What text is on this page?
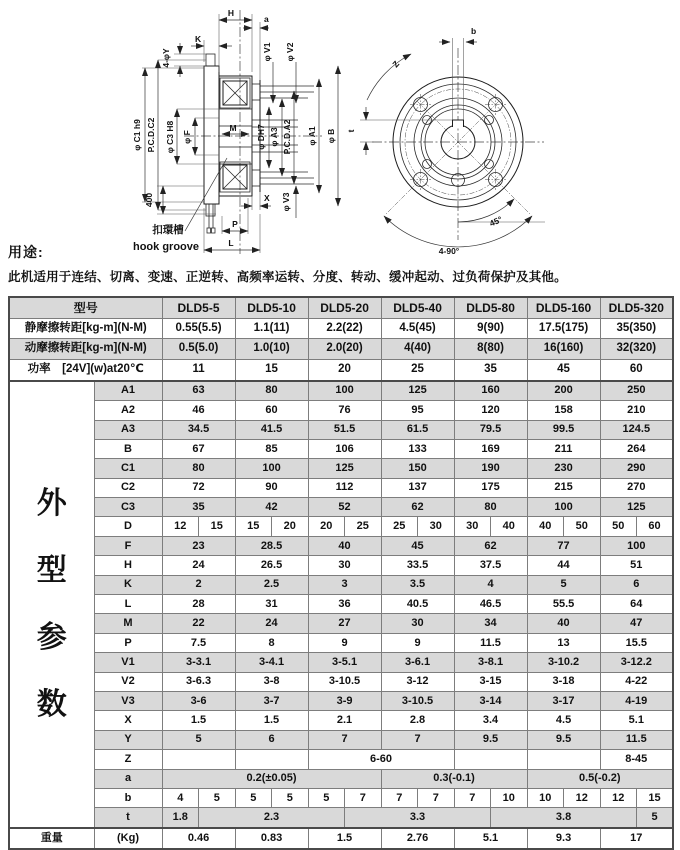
H
a
K
4-φY
φ C1 h9 P.C.D.C2 φ C3 H8 φ F
M
φ V1 φ V2
φ DH7 φ A3 P.C.D.A2 φ A1 φ B
φ V3
400	X
P
L
扣環槽
hook groove
b
Z
t
45°
4-90°
用途:
此机适用于连结、切离、变速、正逆转、高频率运转、分度、转动、缓冲起动、过负荷保护及其他。
型号		DLD5-5		DLD5-10		DLD5-20		DLD5-40		DLD5-80		DLD5-160		DLD5-320	
静摩擦转距[kg-m](N-M)		0.55(5.5)		1.1(11)		2.2(22)		4.5(45)		9(90)		17.5(175)		35(350)	
动摩擦转距[kg-m](N-M)		0.5(5.0)		1.0(10)		2.0(20)		4(40)		8(80)		16(160)		32(320)	
功率　[24V](w)at20℃		11		15		20		25		35		45		60	

外
型
参
数	A1	63		80		100		125		160		200		250	
	A2	46		60		76		95		120		158		210	
	A3	34.5		41.5		51.5		61.5		79.5		99.5		124.5	
	B	67		85		106		133		169		211		264	
	C1	80		100		125		150		190		230		290	
	C2	72		90		112		137		175		215		270	
	C3	35		42		52		62		80		100		125	
	D	12	15	15	20	20	25	25	30	30	40	40	50	50	60
	F	23		28.5		40		45		62		77		100	
	H	24		26.5		30		33.5		37.5		44		51	
	K	2		2.5		3		3.5		4		5		6	
	L	28		31		36		40.5		46.5		55.5		64	
	M	22		24		27		30		34		40		47	
	P	7.5		8		9		9		11.5		13		15.5	
	V1	3-3.1		3-4.1		3-5.1		3-6.1		3-8.1		3-10.2		3-12.2	
	V2	3-6.3		3-8		3-10.5		3-12		3-15		3-18		4-22	
	V3	3-6		3-7		3-9		3-10.5		3-14		3-17		4-19	
	X	1.5		1.5		2.1		2.8		3.4		4.5		5.1	
	Y	5		6		7		7		9.5		9.5		11.5	
	Z					6-60								8-45	
	a	0.2(±0.05)						0.3(-0.1)				0.5(-0.2)			
	b	4	5	5	5	5	7	7	7	7	10	10	12	12	15
	t	1.8	2.3				3.3				3.8				5
重量	(Kg)	0.46		0.83		1.5		2.76		5.1		9.3		17	
